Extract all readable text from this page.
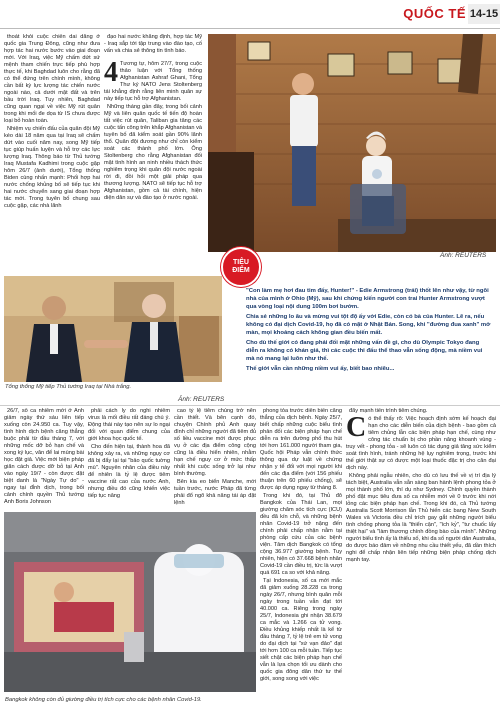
QUỐC TẾ 14-15

thoát khỏi cuộc chiến dai dẳng ở quốc gia Trung Đông, cũng như đưa hợp tác hai nước bước vào giai đoạn mới. Với Iraq, việc Mỹ chấm dứt sứ mệnh tham chiến trực tiếp phù hợp thực tế, khi Baghdad luôn cho rằng đã có thể đứng trên chính mình, không cần bất kỳ lực lượng tác chiến nước ngoài nào, cả dưới mặt đất và trên bầu trời Iraq. Tuy nhiên, Baghdad cũng quan ngại về việc Mỹ rút quân trong khi mối đe dọa từ IS chưa được loại bỏ hoàn toàn.

Nhiệm vụ chiến đấu của quân đội Mỹ kéo dài 18 năm qua tại Iraq sẽ chấm dứt vào cuối năm nay, song Mỹ tiếp tục giúp huấn luyện và hỗ trợ các lực lượng Iraq. Thông báo từ Thủ tướng Iraq Mustafa Kadhimi trong cuộc gặp hôm 26/7 (ảnh dưới), Tổng thống Biden cùng nhấn mạnh: Phối hợp hai nước chống khủng bố sẽ tiếp tục khi hai nước chuyển sang giai đoạn hợp tác mới. Trong tuyên bố chung sau cuộc gặp, các nhà lãnh

đạo hai nước khẳng định, hợp tác Mỹ - Iraq sắp tới tập trung vào đào tạo, cố vấn và chia sẻ thông tin tình báo.

4 Tương tự, hôm 27/7, trong cuộc thảo luận với Tổng thống Afghanistan Ashraf Ghani, Tổng Thư ký NATO Jens Stoltenberg tái khẳng định rằng liên minh quân sự này tiếp tục hỗ trợ Afghanistan.

Những tháng gần đây, trong bối cảnh Mỹ và liên quân quốc tế tiến độ hoàn tất việc rút quân, Taliban gia tăng các cuộc tấn công trên khắp Afghanistan và tuyên bố đã kiểm soát gần 90% lãnh thổ. Quân đội đương như chỉ còn kiểm soát các thành phố lớn. Ông Stoltenberg cho rằng Afghanistan đối mặt tình hình an ninh nhiều thách thức nghiêm trọng khi quân đội nước ngoài rời đi, đồi hỏi một giải pháp qua thương lượng. NATO sẽ tiếp tục hỗ trợ Afghanistan, gồm cả tài chính, hiện diện dân sự và đào tạo ở nước ngoài.

Ảnh: REUTERS
TIÊU
ĐIỂM

"Con làm mẹ hơi đau tim đấy, Hunter!" - Edie Armstrong (trái) thốt lên như vậy, từ ngôi nhà của mình ở Ohio (Mỹ), sau khi chứng kiến người con trai Hunter Armstrong vượt qua vòng loại nội dung 100m bơi bướm.

Chia sẻ những lo âu và mừng vui tột độ ấy với Edie, còn có bà của Hunter. Lẽ ra, nếu không có đại dịch Covid-19, họ đã có mặt ở Nhật Bản. Song, khi "đường đua xanh" mở màn, mọi khoảng cách không gian đều biến mất.

Cho dù thế giới có đang phải đối mặt những vấn đề gì, cho dù Olympic Tokyo đang diễn ra không có khán giả, thì các cuộc thi đấu thể thao vẫn sống động, mà niềm vui mà nó mang lại luôn như thế.

Thế giới vẫn cần những niềm vui ấy, biết bao nhiêu...

Tổng thống Mỹ tiếp Thủ tướng Iraq tại Nhà trắng.
Ảnh: REUTERS

26/7, số ca nhiễm mới ở Anh giảm ngày thứ sáu liên tiếp xuống còn 24.950 ca. Tuy vậy, tình hình dịch bệnh căng thẳng buộc phải từ đầu tháng 7, với những mốc dỡ bỏ hạn chế và xong ký lục, văn để lai mùng bài học đặt giả. Việc mới biện pháp giãn cách được dỡ bỏ tại Anh vào ngày 19/7 - còn được đặt biệt danh là "Ngày Tự do" - ngay tại đỉnh dịch, trong bối cảnh chính quyền Thủ tướng Anh Boris Johnson

phải cách ly do nghi nhiễm virus là mối điều rất đáng chú ý. Động thái này tạo nên sự lo ngại đối với quan điểm chung của giới khoa học quốc tế.

Cho đến hiện tại, thành hoa đã không xảy ra, và những ngụy cơ đã bị đẩy lại tại "bảo quốc tuờng mù". Nguyên nhân của điều này để nhiên là tỷ lệ được tiêm vaccine rất cao của nước Anh, nhưng điều đó cũng khiến việc tiếp tục nâng

cao tỷ lệ tiêm chủng trở nên cần thiết. Và bên cạnh đó, chuyện Chính phủ Anh quay đình chỉ những người đã tiêm đủ số liều vaccine mới được phục vụ ở các địa điểm công cộng cũng là điều hiển nhiên, nhằm hạn chế nguy cơ ở mức thấp nhất khi cuộc sống trở lại như bình thường.

Bên kia eo biển Manche, mới tuần trước, nước Pháp đã từng phải đổ ngõ khả năng tái áp đặt lệnh

phong tỏa trước diễn biến căng thẳng của dịch bệnh. Ngày 25/7, biết chấp những cuộc biểu tình phản đối các biện pháp hạn chế diễn ra trên đường phố thu hút tới hơn 161.000 người tham gia, Quốc hội Pháp vẫn chính thức thông qua dự luật về chứng nhận y tế đối với mọi người khi đến các địa điểm (với 156 phiếu thuận trên 60 phiếu chống), sẽ được áp dụng ngay từ tháng 8.

Trong khi đó, tại Thủ đô Bangkok của Thái Lan, mọi giường chăm sóc tích cực (ICU) đều đã kín chỗ, và những bệnh nhân Covid-19 trở nặng đến chính phải chấp nhận nằm tại phòng cấp cứu của các bệnh viện. Tâm dịch Bangkok có tổng cộng 36.977 giường bệnh. Tuy nhiên, hiện có 37.668 bệnh nhân Covid-19 cần điều trị, tức là vượt quá 691 ca so với khả năng.

Tại Indonesia, số ca mới mắc đã giảm xuống 28.228 ca trong ngày 26/7, nhưng bình quân mỗi ngày trong tuần vẫn đạt tới 40.000 ca. Riêng trong ngày 25/7, Indonesia ghi nhận 38.679 ca mắc và 1.266 ca tử vong. Điều khủng khiếp nhất là kể từ đầu tháng 7, tỷ lệ trẻ em tử vong do đại dịch tại "xứ vạn đảo" đạt tới hơn 100 ca mỗi tuần. Tiếp tục siết chặt các biện pháp hạn chế vẫn là lựa chọn tối ưu dành cho quốc gia đông dân thứ tư thế giới, song song với việc

đẩy mạnh tiến trình tiêm chủng.

C ó thể thấy rõ: Việc hoạch định sớm kế hoạch đại hạn cho các diễn biến của dịch bệnh - bao gồm cả tiêm chủng lẫn các biện pháp hạn chế, cùng như công tác chuẩn bị cho phần năng khoanh vùng - truy vết - phong tỏa - sẽ luôn có tác dụng giả tăng sức kiểm soát tình hình, tránh những hệ lụy nghiêm trọng, trước khi thế giới thật sự có được một loại thuốc đặc trị cho căn đại dịch này.

Không phải ngẫu nhiên, cho dù có lưu thế về vị trí địa lý tách biệt, Australia vẫn sẵn sàng ban hành lệnh phong tỏa ở mọi thành phố lớn, thí dụ như Sydney. Chính quyền thành phố đặt mục tiêu đưa số ca nhiễm mới về 0 trước khi nới lỏng các biện pháp hạn chế. Trong khi đó, cả Thủ tướng Australia Scott Morrison lẫn Thủ hiến các bang New South Wales và Victoria đều chỉ trích gay gắt những người biểu tình chống phong tỏa là "thiển cận", "ích kỷ", "tư chuốc lấy thiệt hại" và "làm thương chính đồng bào của mình". Những người biểu tình ấy là thiểu số, khi đa số người dân Australia, do được báo đảm về những nhu cầu thiết yếu, đã dần thích nghi để chấp nhận liên tiếp những biện pháp chống dịch mạnh tay.

Bangkok không còn đủ giường điều trị tích cực cho các bệnh nhân Covid-19.
